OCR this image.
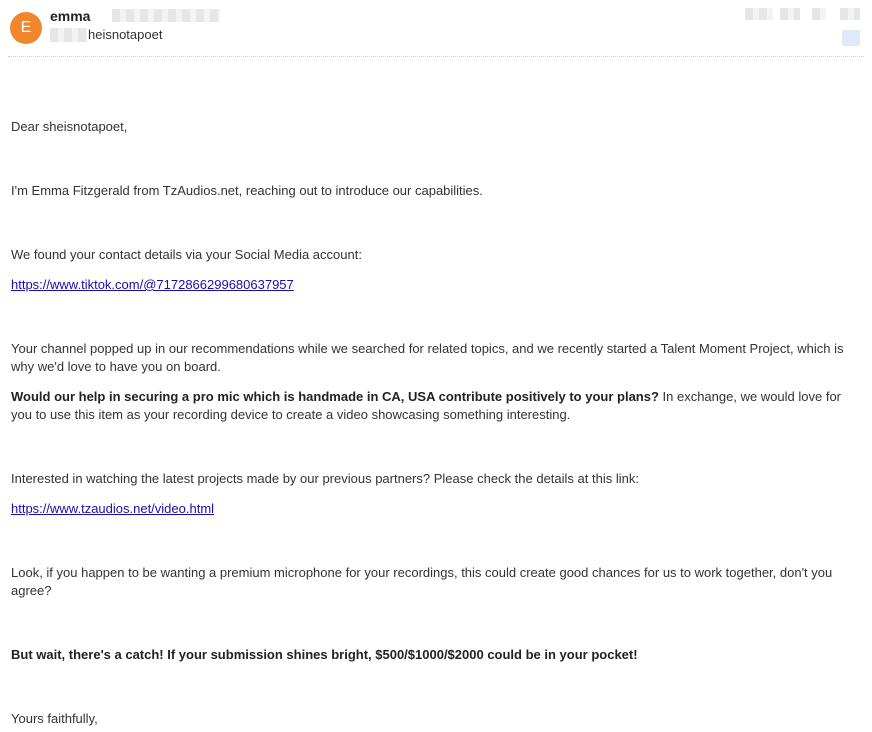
E
emma
heisnotapoet

Dear sheisnotapoet,

I'm Emma Fitzgerald from TzAudios.net, reaching out to introduce our capabilities.

We found your contact details via your Social Media account:

https://www.tiktok.com/@7172866299680637957

Your channel popped up in our recommendations while we searched for related topics, and we recently started a Talent Moment Project, which is why we'd love to have you on board.

Would our help in securing a pro mic which is handmade in CA, USA contribute positively to your plans? In exchange, we would love for you to use this item as your recording device to create a video showcasing something interesting.

Interested in watching the latest projects made by our previous partners? Please check the details at this link:

https://www.tzaudios.net/video.html

Look, if you happen to be wanting a premium microphone for your recordings, this could create good chances for us to work together, don't you agree?

But wait, there's a catch! If your submission shines bright, $500/$1000/$2000 could be in your pocket!

Yours faithfully,
